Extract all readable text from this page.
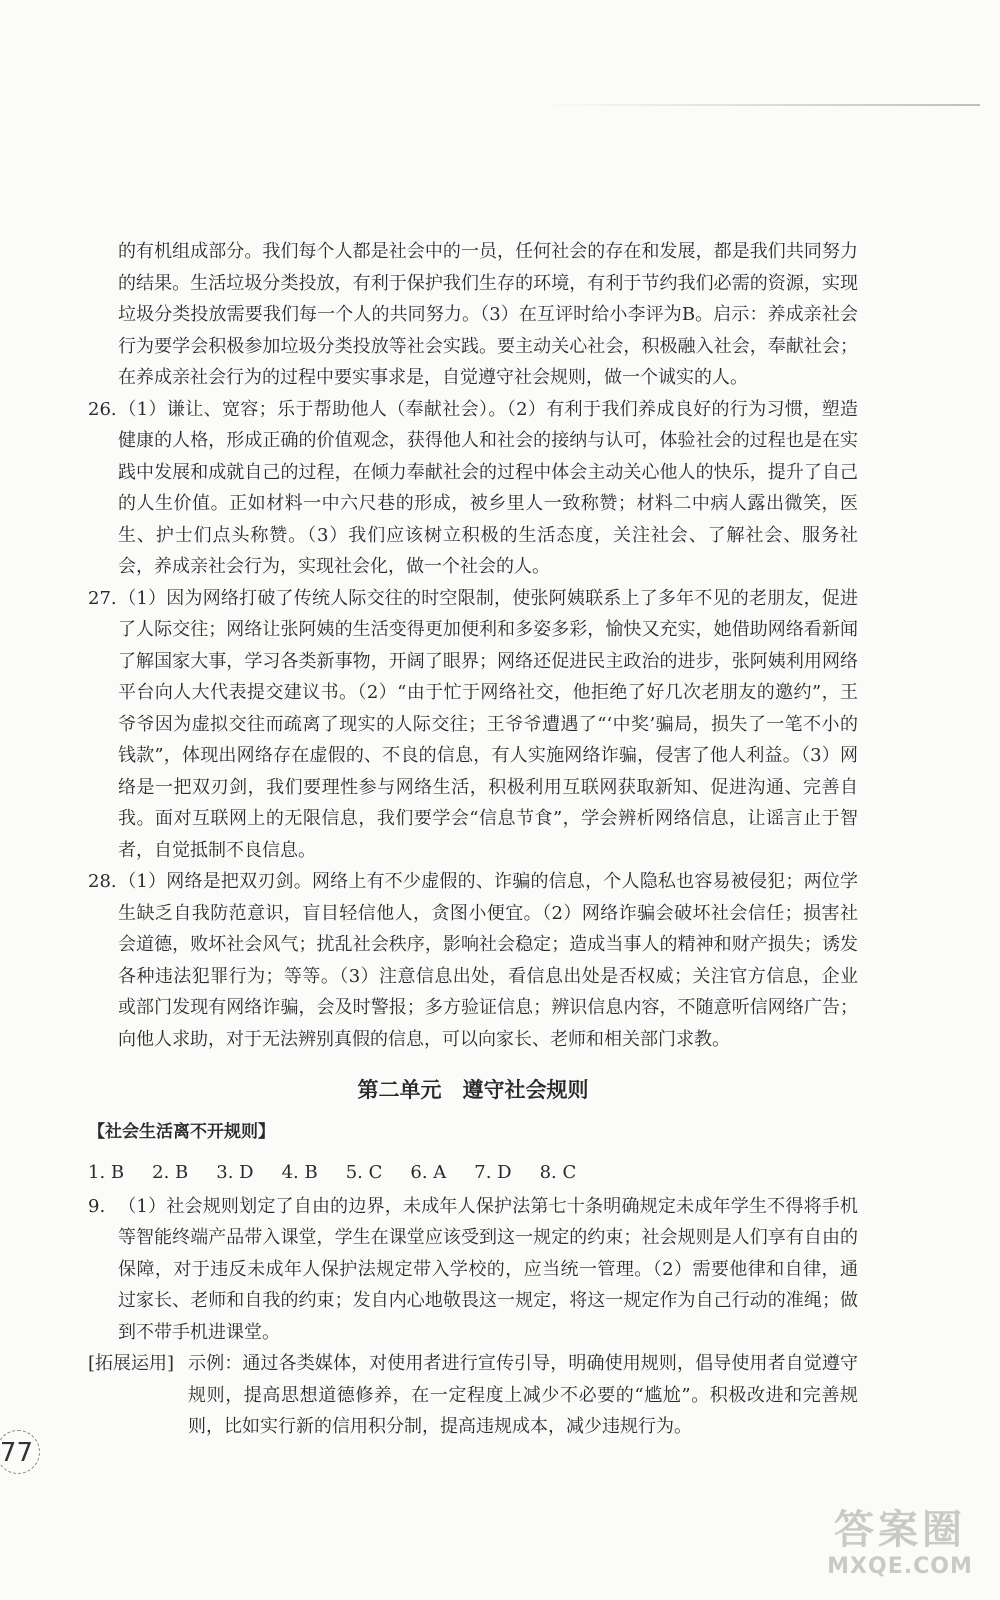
的有机组成部分。我们每个人都是社会中的一员，任何社会的存在和发展，都是我们共同努力的结果。生活垃圾分类投放，有利于保护我们生存的环境，有利于节约我们必需的资源，实现垃圾分类投放需要我们每一个人的共同努力。（3）在互评时给小李评为B。启示：养成亲社会行为要学会积极参加垃圾分类投放等社会实践。要主动关心社会，积极融入社会，奉献社会；在养成亲社会行为的过程中要实事求是，自觉遵守社会规则，做一个诚实的人。

26.（1）谦让、宽容；乐于帮助他人（奉献社会）。（2）有利于我们养成良好的行为习惯，塑造健康的人格，形成正确的价值观念，获得他人和社会的接纳与认可，体验社会的过程也是在实践中发展和成就自己的过程，在倾力奉献社会的过程中体会主动关心他人的快乐，提升了自己的人生价值。正如材料一中六尺巷的形成，被乡里人一致称赞；材料二中病人露出微笑，医生、护士们点头称赞。（3）我们应该树立积极的生活态度，关注社会、了解社会、服务社会，养成亲社会行为，实现社会化，做一个社会的人。

27.（1）因为网络打破了传统人际交往的时空限制，使张阿姨联系上了多年不见的老朋友，促进了人际交往；网络让张阿姨的生活变得更加便利和多姿多彩，愉快又充实，她借助网络看新闻了解国家大事，学习各类新事物，开阔了眼界；网络还促进民主政治的进步，张阿姨利用网络平台向人大代表提交建议书。（2）“由于忙于网络社交，他拒绝了好几次老朋友的邀约”，王爷爷因为虚拟交往而疏离了现实的人际交往；王爷爷遭遇了“‘中奖’骗局，损失了一笔不小的钱款”，体现出网络存在虚假的、不良的信息，有人实施网络诈骗，侵害了他人利益。（3）网络是一把双刃剑，我们要理性参与网络生活，积极利用互联网获取新知、促进沟通、完善自我。面对互联网上的无限信息，我们要学会“信息节食”，学会辨析网络信息，让谣言止于智者，自觉抵制不良信息。

28.（1）网络是把双刃剑。网络上有不少虚假的、诈骗的信息，个人隐私也容易被侵犯；两位学生缺乏自我防范意识，盲目轻信他人，贪图小便宜。（2）网络诈骗会破坏社会信任；损害社会道德，败坏社会风气；扰乱社会秩序，影响社会稳定；造成当事人的精神和财产损失；诱发各种违法犯罪行为；等等。（3）注意信息出处，看信息出处是否权威；关注官方信息，企业或部门发现有网络诈骗，会及时警报；多方验证信息；辨识信息内容，不随意听信网络广告；向他人求助，对于无法辨别真假的信息，可以向家长、老师和相关部门求教。

第二单元　遵守社会规则
【社会生活离不开规则】

1. B 2. B 3. D 4. B 5. C 6. A 7. D 8. C

9. （1）社会规则划定了自由的边界，未成年人保护法第七十条明确规定未成年学生不得将手机等智能终端产品带入课堂，学生在课堂应该受到这一规定的约束；社会规则是人们享有自由的保障，对于违反未成年人保护法规定带入学校的，应当统一管理。（2）需要他律和自律，通过家长、老师和自我的约束；发自内心地敬畏这一规定，将这一规定作为自己行动的准绳；做到不带手机进课堂。

[拓展运用] 示例：通过各类媒体，对使用者进行宣传引导，明确使用规则，倡导使用者自觉遵守规则，提高思想道德修养，在一定程度上减少不必要的“尴尬”。积极改进和完善规则，比如实行新的信用积分制，提高违规成本，减少违规行为。

77
答案圈
MXQE.COM
